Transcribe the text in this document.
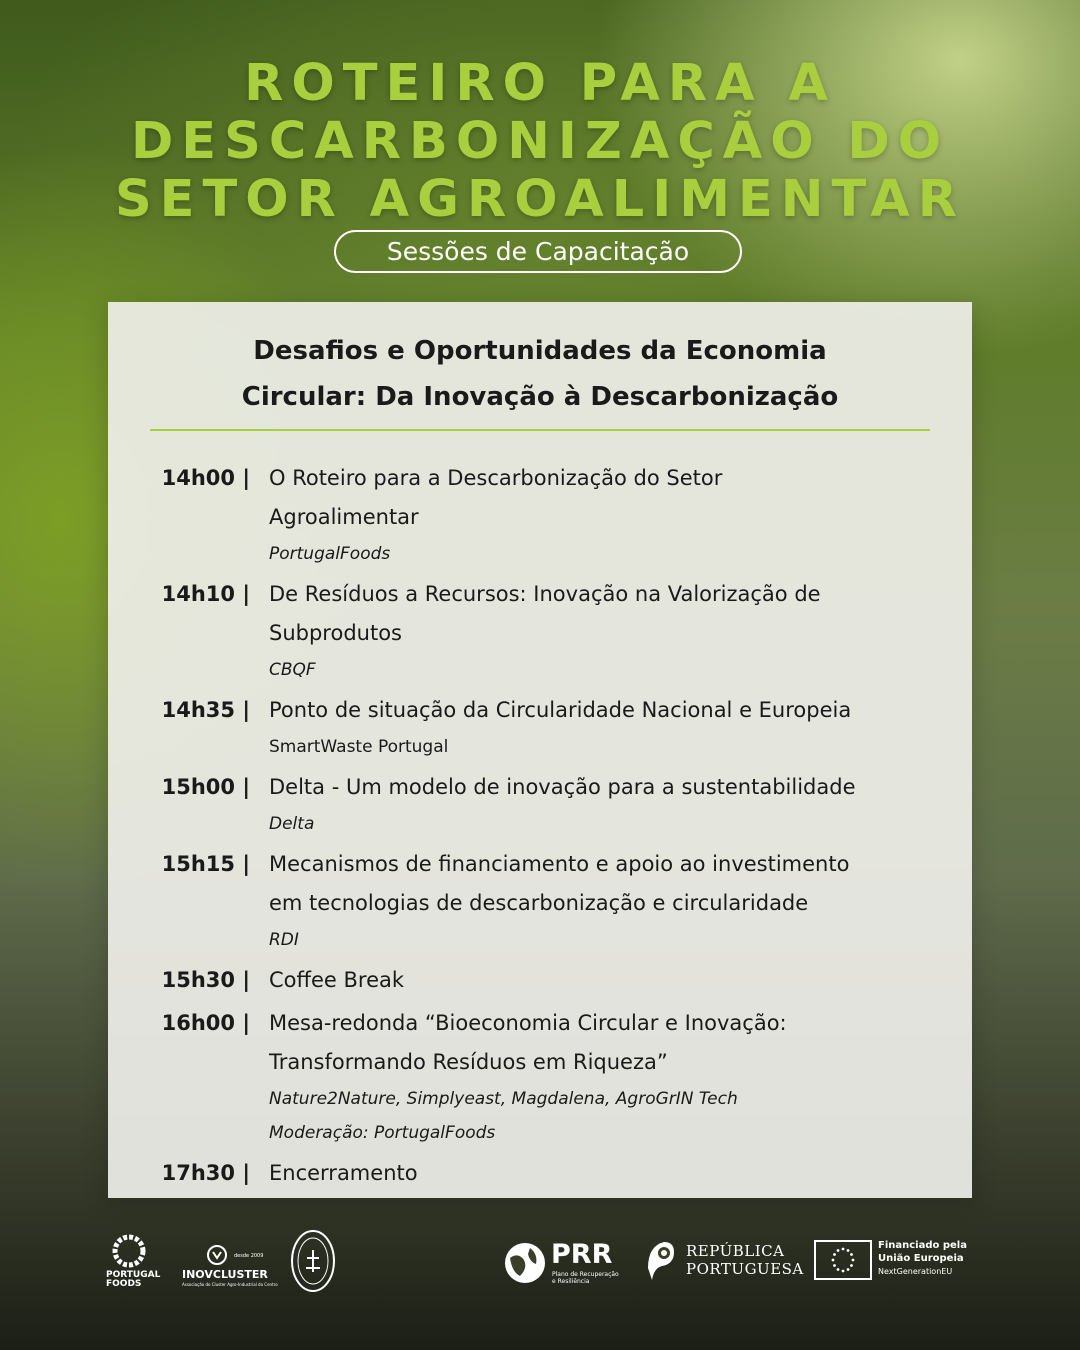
ROTEIRO PARA A
DESCARBONIZAÇÃO DO
SETOR AGROALIMENTAR
Sessões de Capacitação
Desafios e Oportunidades da Economia
Circular: Da Inovação à Descarbonização
14h00 | O Roteiro para a Descarbonização do Setor
Agroalimentar
PortugalFoods
14h10 | De Resíduos a Recursos: Inovação na Valorização de
Subprodutos
CBQF
14h35 | Ponto de situação da Circularidade Nacional e Europeia
SmartWaste Portugal
15h00 | Delta - Um modelo de inovação para a sustentabilidade
Delta
15h15 | Mecanismos de financiamento e apoio ao investimento
em tecnologias de descarbonização e circularidade
RDI
15h30 | Coffee Break
16h00 | Mesa-redonda “Bioeconomia Circular e Inovação:
Transformando Resíduos em Riqueza”
Nature2Nature, Simplyeast, Magdalena, AgroGrIN Tech
Moderação: PortugalFoods
17h30 | Encerramento
PORTUGAL
FOODS
desde 2009
INOVCLUSTER
Associação do Cluster Agro-Industrial do Centro
PRR
Plano de Recuperação
e Resiliência
REPÚBLICA
PORTUGUESA
Financiado pela
União Europeia
NextGenerationEU
